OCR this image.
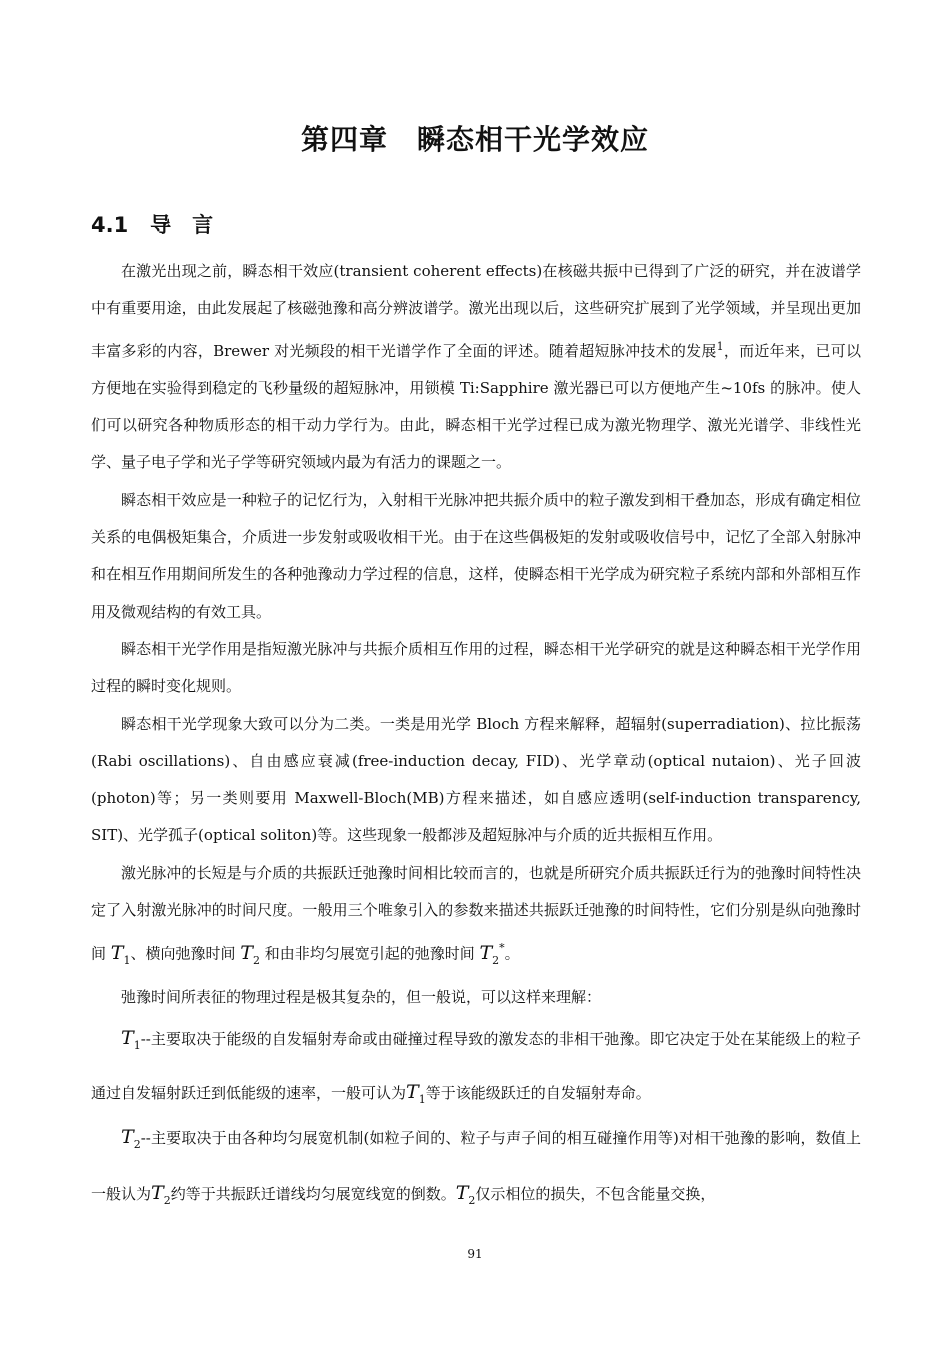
第四章　瞬态相干光学效应
4.1 导　言

在激光出现之前，瞬态相干效应(transient coherent effects)在核磁共振中已得到了广泛的研究，并在波谱学中有重要用途，由此发展起了核磁弛豫和高分辨波谱学。激光出现以后，这些研究扩展到了光学领域，并呈现出更加丰富多彩的内容，Brewer 对光频段的相干光谱学作了全面的评述。随着超短脉冲技术的发展$^1$，而近年来，已可以方便地在实验得到稳定的飞秒量级的超短脉冲，用锁模 Ti:Sapphire 激光器已可以方便地产生~10fs 的脉冲。使人们可以研究各种物质形态的相干动力学行为。由此，瞬态相干光学过程已成为激光物理学、激光光谱学、非线性光学、量子电子学和光子学等研究领域内最为有活力的课题之一。

瞬态相干效应是一种粒子的记忆行为，入射相干光脉冲把共振介质中的粒子激发到相干叠加态，形成有确定相位关系的电偶极矩集合，介质进一步发射或吸收相干光。由于在这些偶极矩的发射或吸收信号中，记忆了全部入射脉冲和在相互作用期间所发生的各种弛豫动力学过程的信息，这样，使瞬态相干光学成为研究粒子系统内部和外部相互作用及微观结构的有效工具。

瞬态相干光学作用是指短激光脉冲与共振介质相互作用的过程，瞬态相干光学研究的就是这种瞬态相干光学作用过程的瞬时变化规则。

瞬态相干光学现象大致可以分为二类。一类是用光学 Bloch 方程来解释，超辐射(superradiation)、拉比振荡(Rabi oscillations)、自由感应衰减(free-induction decay, FID)、光学章动(optical nutaion)、光子回波(photon)等；另一类则要用 Maxwell-Bloch(MB)方程来描述，如自感应透明(self-induction transparency, SIT)、光学孤子(optical soliton)等。这些现象一般都涉及超短脉冲与介质的近共振相互作用。

激光脉冲的长短是与介质的共振跃迁弛豫时间相比较而言的，也就是所研究介质共振跃迁行为的弛豫时间特性决定了入射激光脉冲的时间尺度。一般用三个唯象引入的参数来描述共振跃迁弛豫的时间特性，它们分别是纵向弛豫时间 $T_1$、横向弛豫时间 $T_2$ 和由非均匀展宽引起的弛豫时间 $T_2^*$。

弛豫时间所表征的物理过程是极其复杂的，但一般说，可以这样来理解：

$T_1--$主要取决于能级的自发辐射寿命或由碰撞过程导致的激发态的非相干弛豫。即它决定于处在某能级上的粒子通过自发辐射跃迁到低能级的速率，一般可认为$T_1$等于该能级跃迁的自发辐射寿命。

$T_2--$主要取决于由各种均匀展宽机制(如粒子间的、粒子与声子间的相互碰撞作用等)对相干弛豫的影响，数值上一般认为$T_2$约等于共振跃迁谱线均匀展宽线宽的倒数。$T_2$仅示相位的损失，不包含能量交换，

91
